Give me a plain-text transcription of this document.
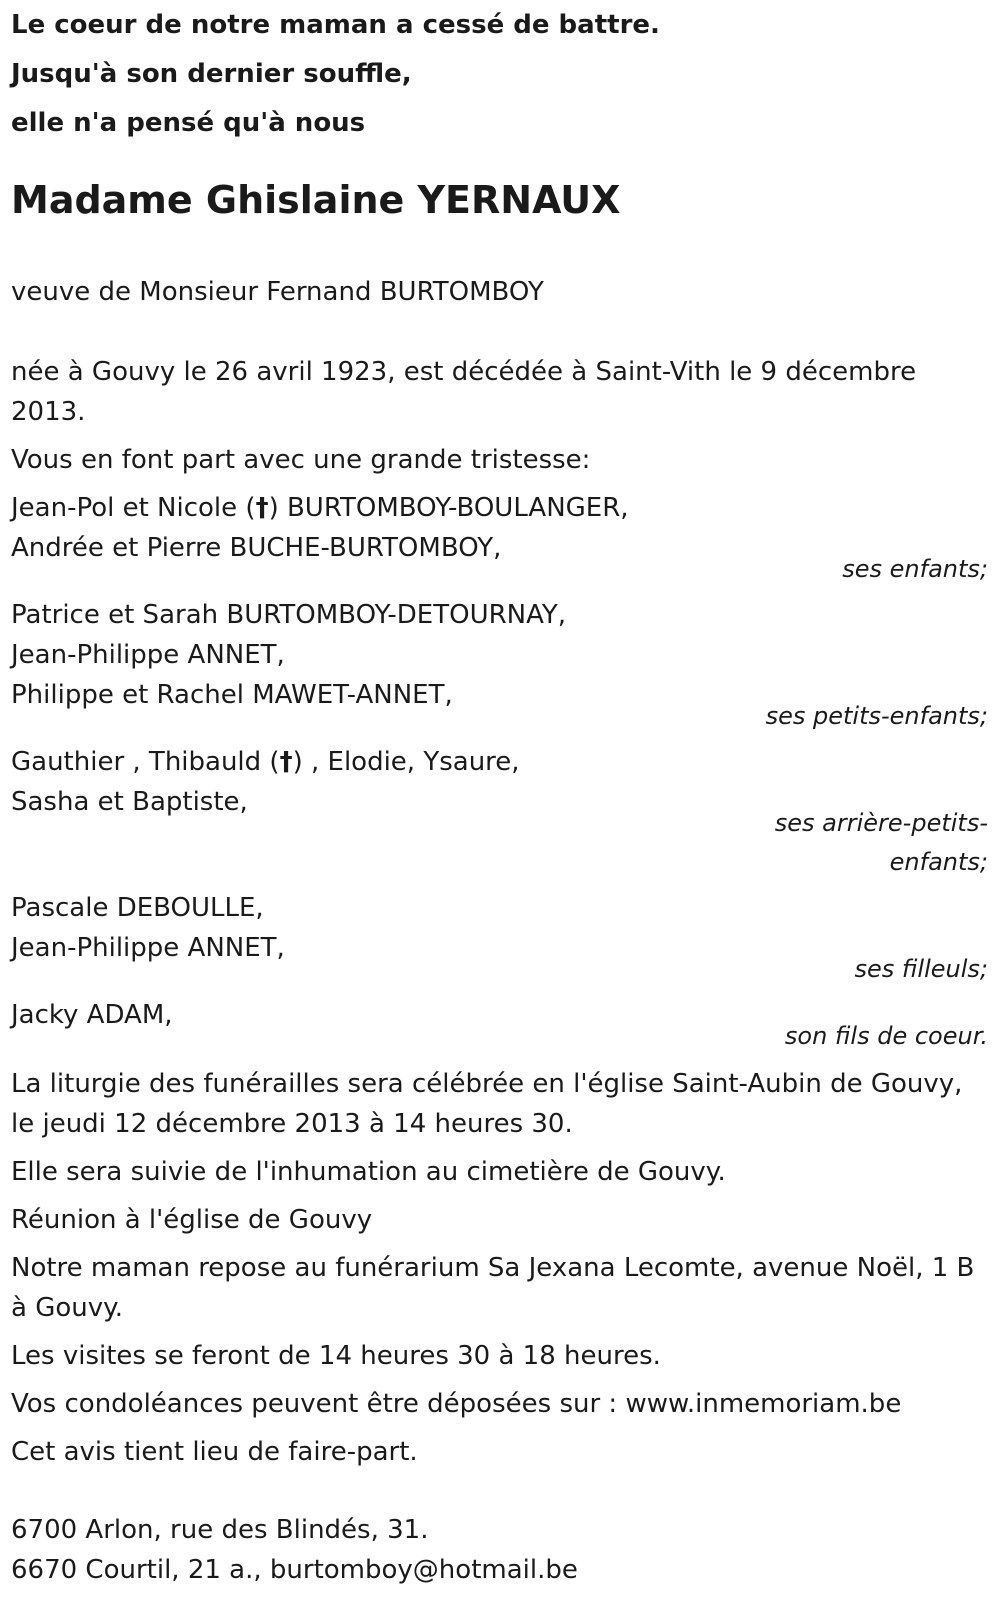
Le coeur de notre maman a cessé de battre.
Jusqu'à son dernier souffle,
elle n'a pensé qu'à nous
Madame Ghislaine YERNAUX

veuve de Monsieur Fernand BURTOMBOY

née à Gouvy le 26 avril 1923, est décédée à Saint-Vith le 9 décembre 2013.

Vous en font part avec une grande tristesse:

Jean-Pol et Nicole (†) BURTOMBOY-BOULANGER,
Andrée et Pierre BUCHE-BURTOMBOY,
ses enfants;
Patrice et Sarah BURTOMBOY-DETOURNAY,
Jean-Philippe ANNET,
Philippe et Rachel MAWET-ANNET,
ses petits-enfants;
Gauthier , Thibauld (†) , Elodie, Ysaure,
Sasha et Baptiste,
ses arrière-petits-enfants;
Pascale DEBOULLE,
Jean-Philippe ANNET,
ses filleuls;
Jacky ADAM,
son fils de coeur.

La liturgie des funérailles sera célébrée en l'église Saint-Aubin de Gouvy, le jeudi 12 décembre 2013 à 14 heures 30.

Elle sera suivie de l'inhumation au cimetière de Gouvy.

Réunion à l'église de Gouvy

Notre maman repose au funérarium Sa Jexana Lecomte, avenue Noël, 1 B à Gouvy.

Les visites se feront de 14 heures 30 à 18 heures.

Vos condoléances peuvent être déposées sur : www.inmemoriam.be

Cet avis tient lieu de faire-part.

6700 Arlon, rue des Blindés, 31.
6670 Courtil, 21 a., burtomboy@hotmail.be
